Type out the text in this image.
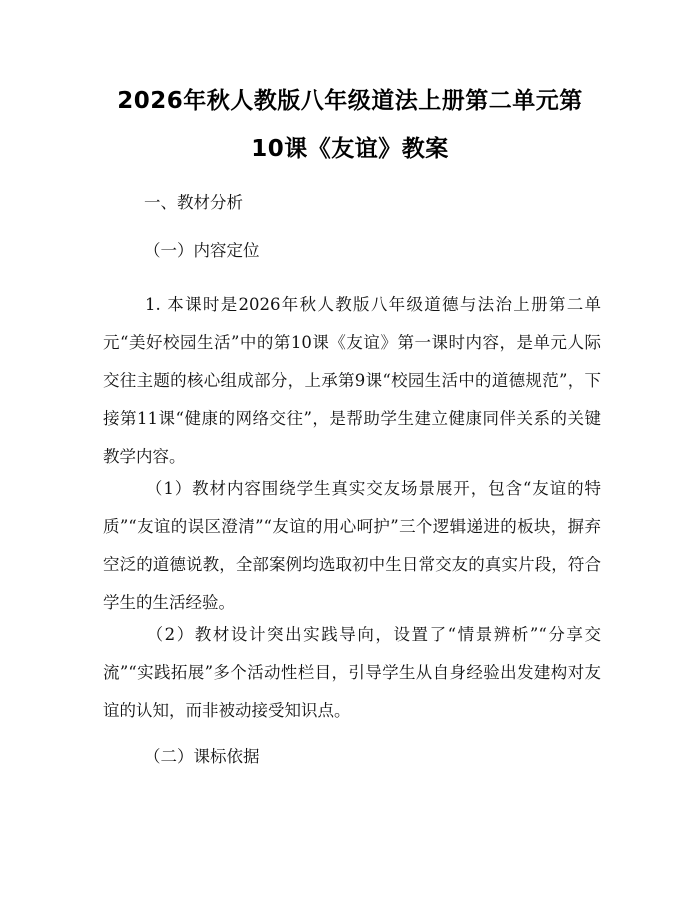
2026年秋人教版八年级道法上册第二单元第
10课《友谊》教案
一、教材分析
（一）内容定位

1. 本课时是2026年秋人教版八年级道德与法治上册第二单元“美好校园生活”中的第10课《友谊》第一课时内容，是单元人际交往主题的核心组成部分，上承第9课“校园生活中的道德规范”，下接第11课“健康的网络交往”，是帮助学生建立健康同伴关系的关键教学内容。

（1）教材内容围绕学生真实交友场景展开，包含“友谊的特质”“友谊的误区澄清”“友谊的用心呵护”三个逻辑递进的板块，摒弃空泛的道德说教，全部案例均选取初中生日常交友的真实片段，符合学生的生活经验。

（2）教材设计突出实践导向，设置了“情景辨析”“分享交流”“实践拓展”多个活动性栏目，引导学生从自身经验出发建构对友谊的认知，而非被动接受知识点。

（二）课标依据
